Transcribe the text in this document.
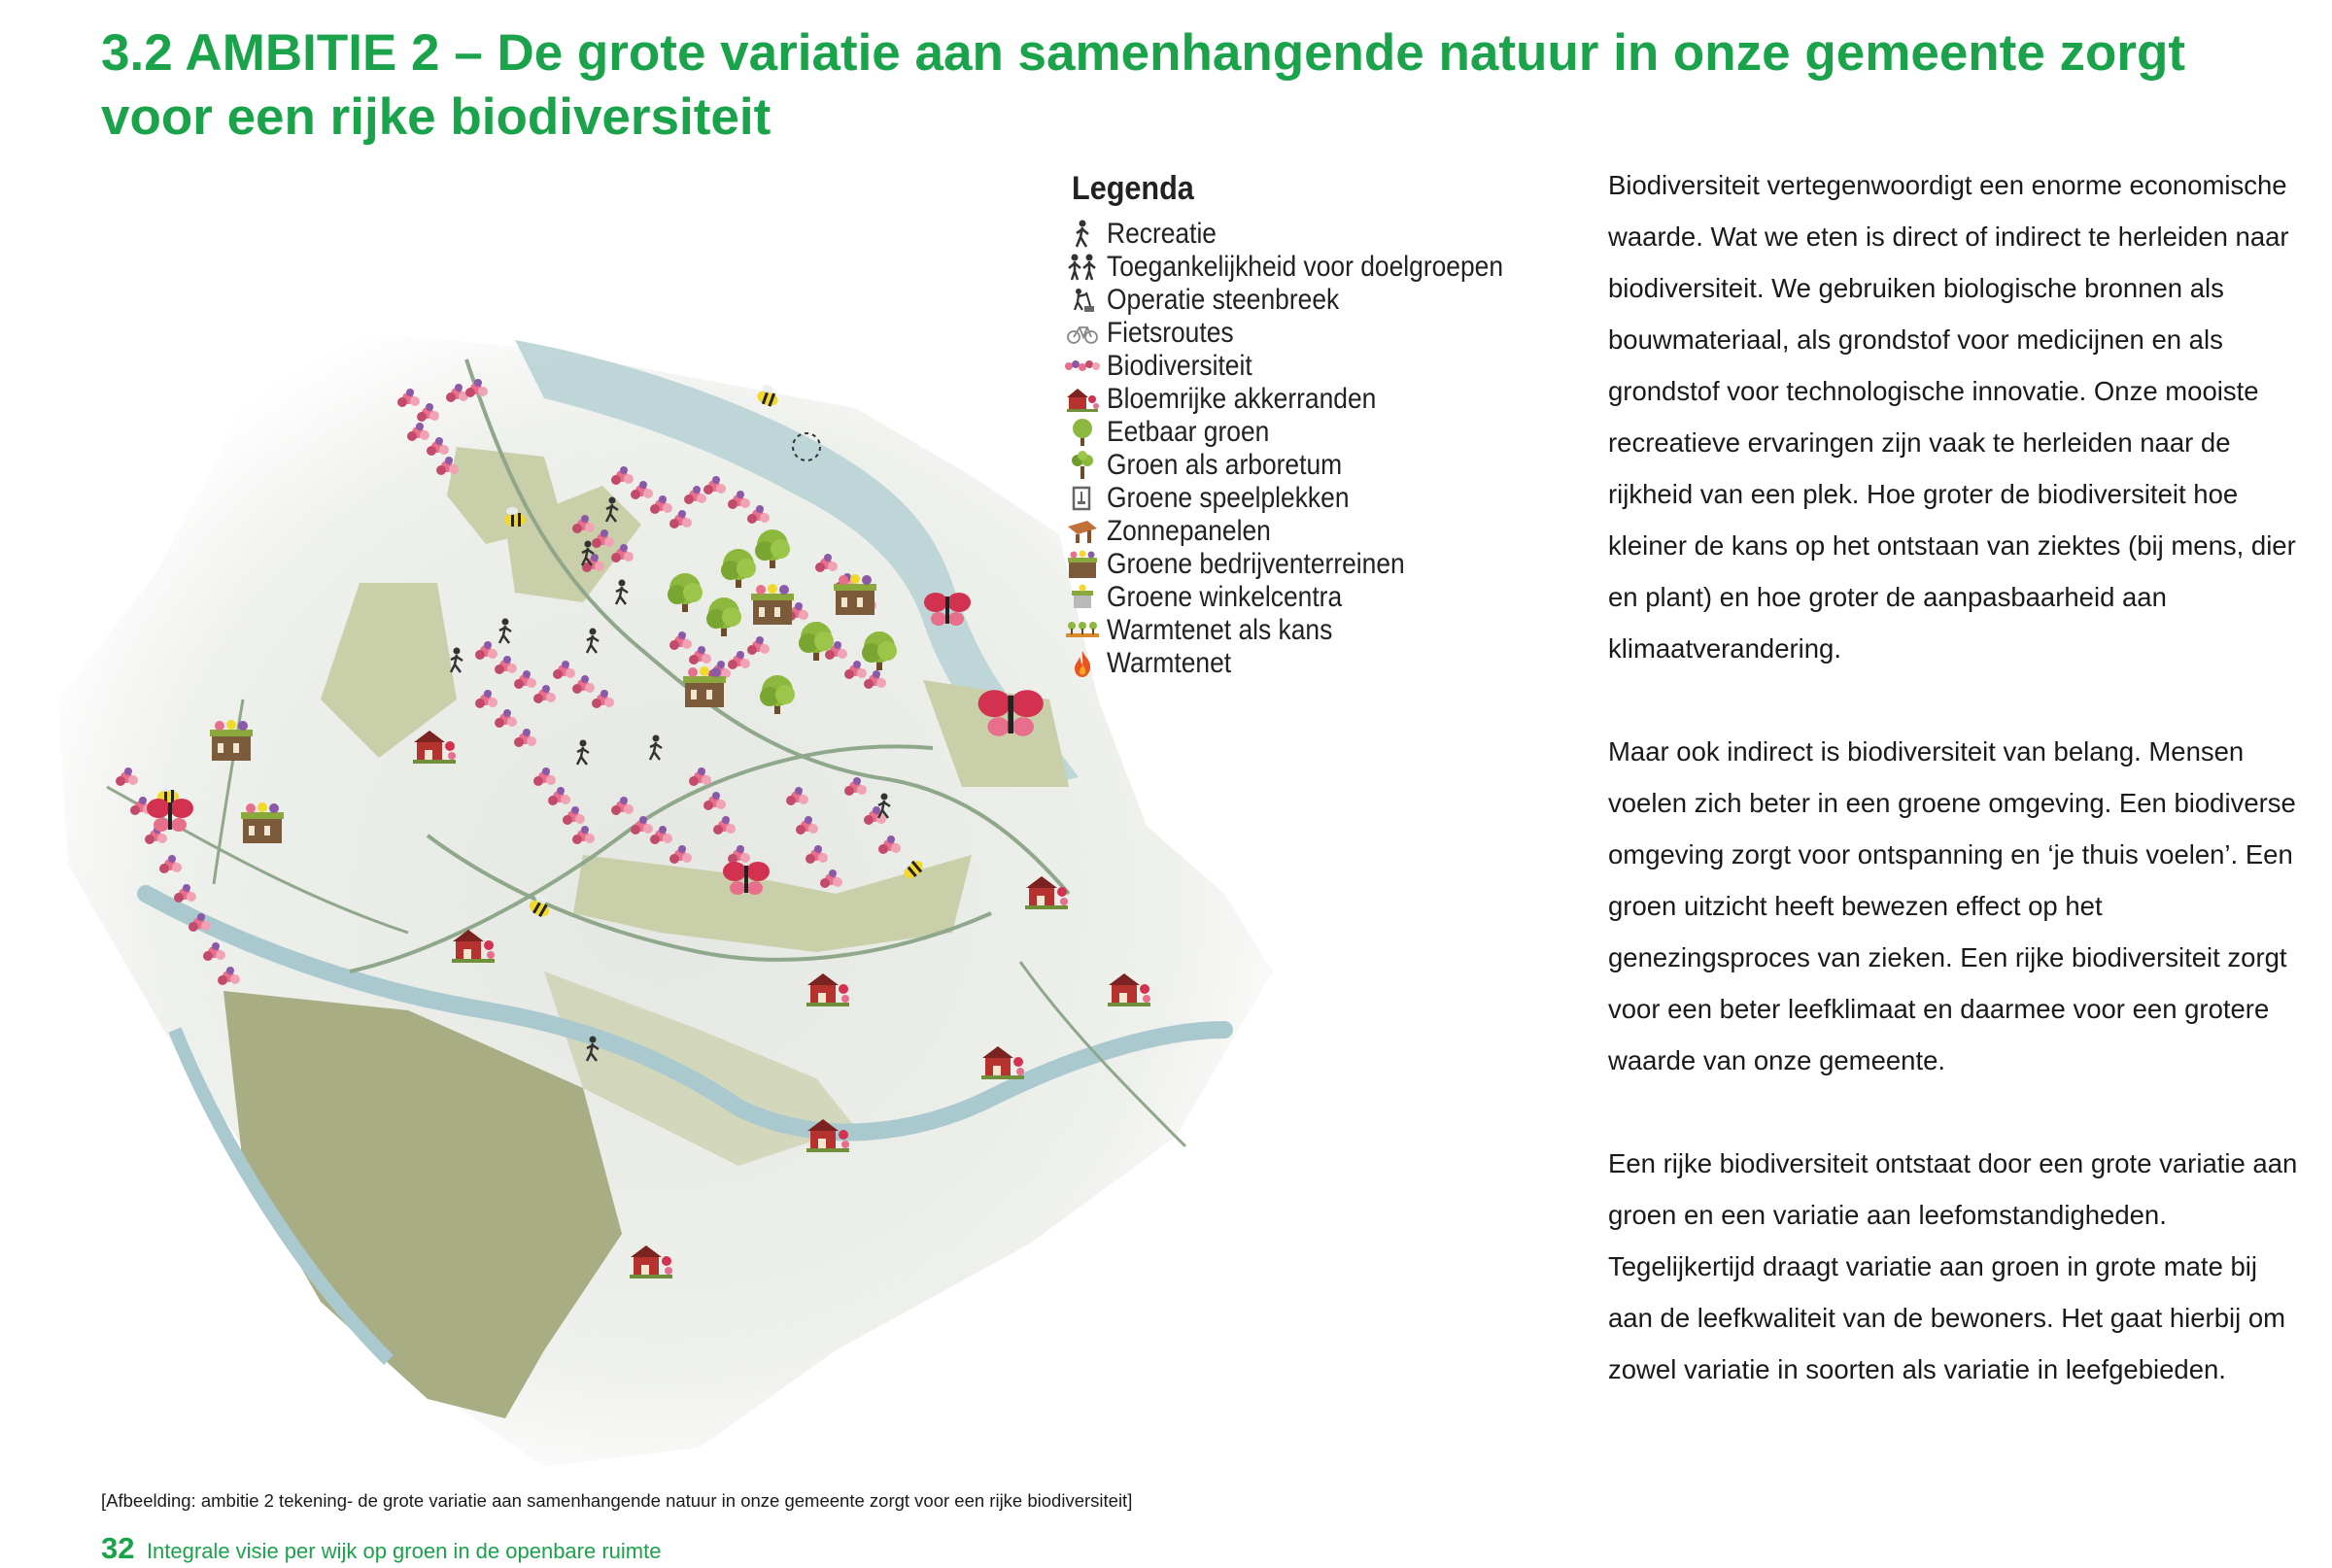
3.2 AMBITIE 2 – De grote variatie aan samenhangende natuur in onze gemeente zorgt voor een rijke biodiversiteit
Legenda
Recreatie
Toegankelijkheid voor doelgroepen
Operatie steenbreek
Fietsroutes
Biodiversiteit
Bloemrijke akkerranden
Eetbaar groen
Groen als arboretum
Groene speelplekken
Zonnepanelen
Groene bedrijventerreinen
Groene winkelcentra
Warmtenet als kans
Warmtenet

Biodiversiteit vertegenwoordigt een enorme economische waarde. Wat we eten is direct of indirect te herleiden naar biodiversiteit. We gebruiken biologische bronnen als bouwmateriaal, als grondstof voor medicijnen en als grondstof voor technologische innovatie. Onze mooiste recreatieve ervaringen zijn vaak te herleiden naar de rijkheid van een plek. Hoe groter de biodiversiteit hoe kleiner de kans op het ontstaan van ziektes (bij mens, dier en plant) en hoe groter de aanpasbaarheid aan klimaatverandering.

Maar ook indirect is biodiversiteit van belang. Mensen voelen zich beter in een groene omgeving. Een biodiverse omgeving zorgt voor ontspanning en ‘je thuis voelen’. Een groen uitzicht heeft bewezen effect op het genezingsproces van zieken. Een rijke biodiversiteit zorgt voor een beter leefklimaat en daarmee voor een grotere waarde van onze gemeente.

Een rijke biodiversiteit ontstaat door een grote variatie aan groen en een variatie aan leefomstandigheden. Tegelijkertijd draagt variatie aan groen in grote mate bij aan de leefkwaliteit van de bewoners. Het gaat hierbij om zowel variatie in soorten als variatie in leefgebieden.

[Afbeelding: ambitie 2 tekening- de grote variatie aan samenhangende natuur in onze gemeente zorgt voor een rijke biodiversiteit]
32 Integrale visie per wijk op groen in de openbare ruimte
